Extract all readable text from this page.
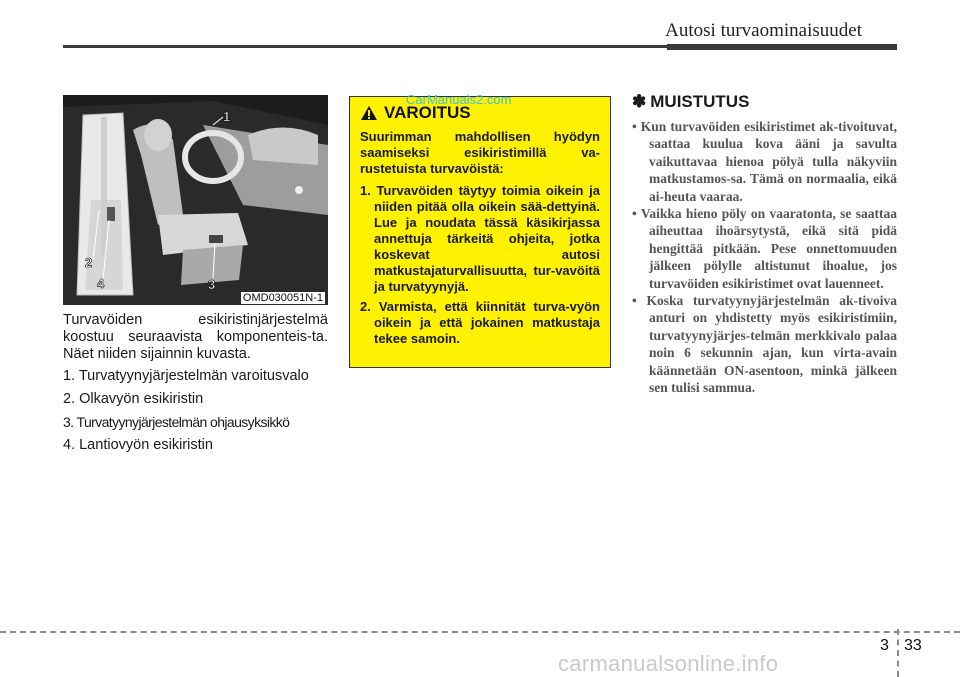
Autosi turvaominaisuudet
1
2
4	3
OMD030051N-1

Turvavöiden esikiristinjärjestelmä koostuu seuraavista komponenteis-ta. Näet niiden sijainnin kuvasta.

1. Turvatyynyjärjestelmän varoitusvalo

2. Olkavyön esikiristin

3. Turvatyynyjärjestelmän ohjausyksikkö

4. Lantiovyön esikiristin

VAROITUS

Suurimman mahdollisen hyödyn saamiseksi esikiristimillä va-rustetuista turvavöistä:

1. Turvavöiden täytyy toimia oikein ja niiden pitää olla oikein sää-dettyinä. Lue ja noudata tässä käsikirjassa annettuja tärkeitä ohjeita, jotka koskevat autosi matkustajaturvallisuutta, tur-vavöitä ja turvatyynyjä.

2. Varmista, että kiinnität turva-vyön oikein ja että jokainen matkustaja tekee samoin.

CarManuals2.com	✽ MUISTUTUS

• Kun turvavöiden esikiristimet ak-tivoituvat, saattaa kuulua kova ääni ja savulta vaikuttavaa hienoa pölyä tulla näkyviin matkustamos-sa. Tämä on normaalia, eikä ai-heuta vaaraa.

• Vaikka hieno pöly on vaaratonta, se saattaa aiheuttaa ihoärsytystä, eikä sitä pidä hengittää pitkään. Pese onnettomuuden jälkeen pölylle altistunut ihoalue, jos turvavöiden esikiristimet ovat lauenneet.

• Koska turvatyynyjärjestelmän ak-tivoiva anturi on yhdistetty myös esikiristimiin, turvatyynyjärjes-telmän merkkivalo palaa noin 6 sekunnin ajan, kun virta-avain käännetään ON-asentoon, minkä jälkeen sen tulisi sammua.

3 33
carmanualsonline.info
